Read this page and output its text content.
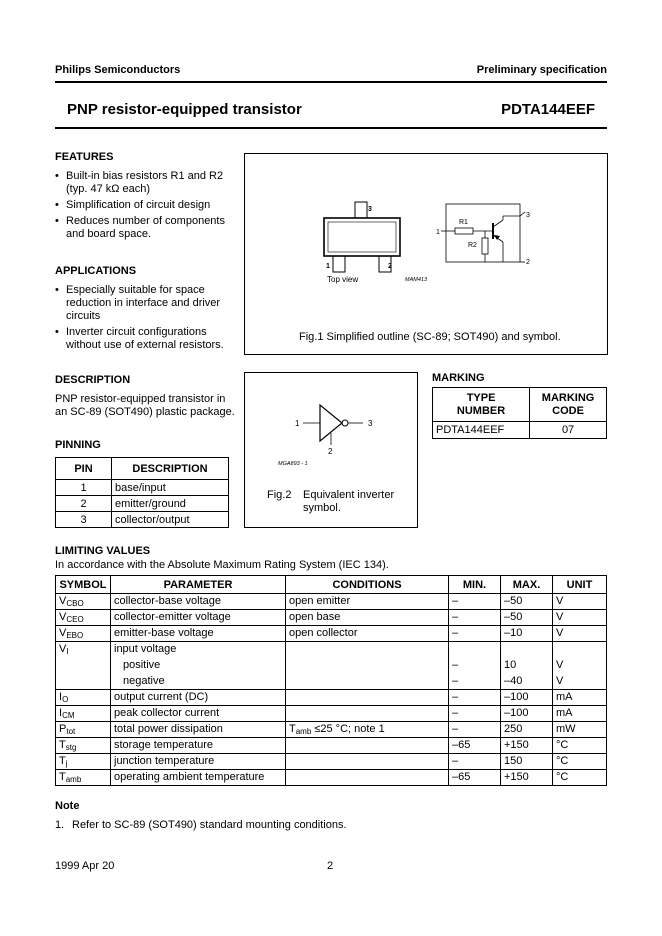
Philips Semiconductors	Preliminary specification
PNP resistor-equipped transistor	PDTA144EEF
FEATURES
• Built-in bias resistors R1 and R2 (typ. 47 kΩ each)
• Simplification of circuit design
• Reduces number of components and board space.
APPLICATIONS
• Especially suitable for space reduction in interface and driver circuits
• Inverter circuit configurations without use of external resistors.
3
1	2
Top view	MAM413
1
R1
R2
3
2
Fig.1 Simplified outline (SC-89; SOT490) and symbol.
DESCRIPTION
PNP resistor-equipped transistor in an SC-89 (SOT490) plastic package.
1	3
2
MGA893 - 1
Fig.2	Equivalent inverter symbol.
MARKING
TYPE
NUMBER	MARKING
CODE
PDTA144EEF	07
PINNING
PIN	DESCRIPTION
1	base/input
2	emitter/ground
3	collector/output
LIMITING VALUES
In accordance with the Absolute Maximum Rating System (IEC 134).
SYMBOL	PARAMETER	CONDITIONS	MIN.	MAX.	UNIT
$V_{CBO}$	collector-base voltage	open emitter	–	–50	V
$V_{CEO}$	collector-emitter voltage	open base	–	–50	V
$V_{EBO}$	emitter-base voltage	open collector	–	–10	V
$V_I$	input voltage				
	positive		–	10	V
	negative		–	–40	V
$I_O$	output current (DC)		–	–100	mA
$I_{CM}$	peak collector current		–	–100	mA
$P_{tot}$	total power dissipation	$T_{amb} \le 25$ °C; note 1	–	250	mW
$T_{stg}$	storage temperature		–65	+150	°C
$T_j$	junction temperature		–	150	°C
$T_{amb}$	operating ambient temperature		–65	+150	°C
Note
1. Refer to SC-89 (SOT490) standard mounting conditions.
1999 Apr 20	2
